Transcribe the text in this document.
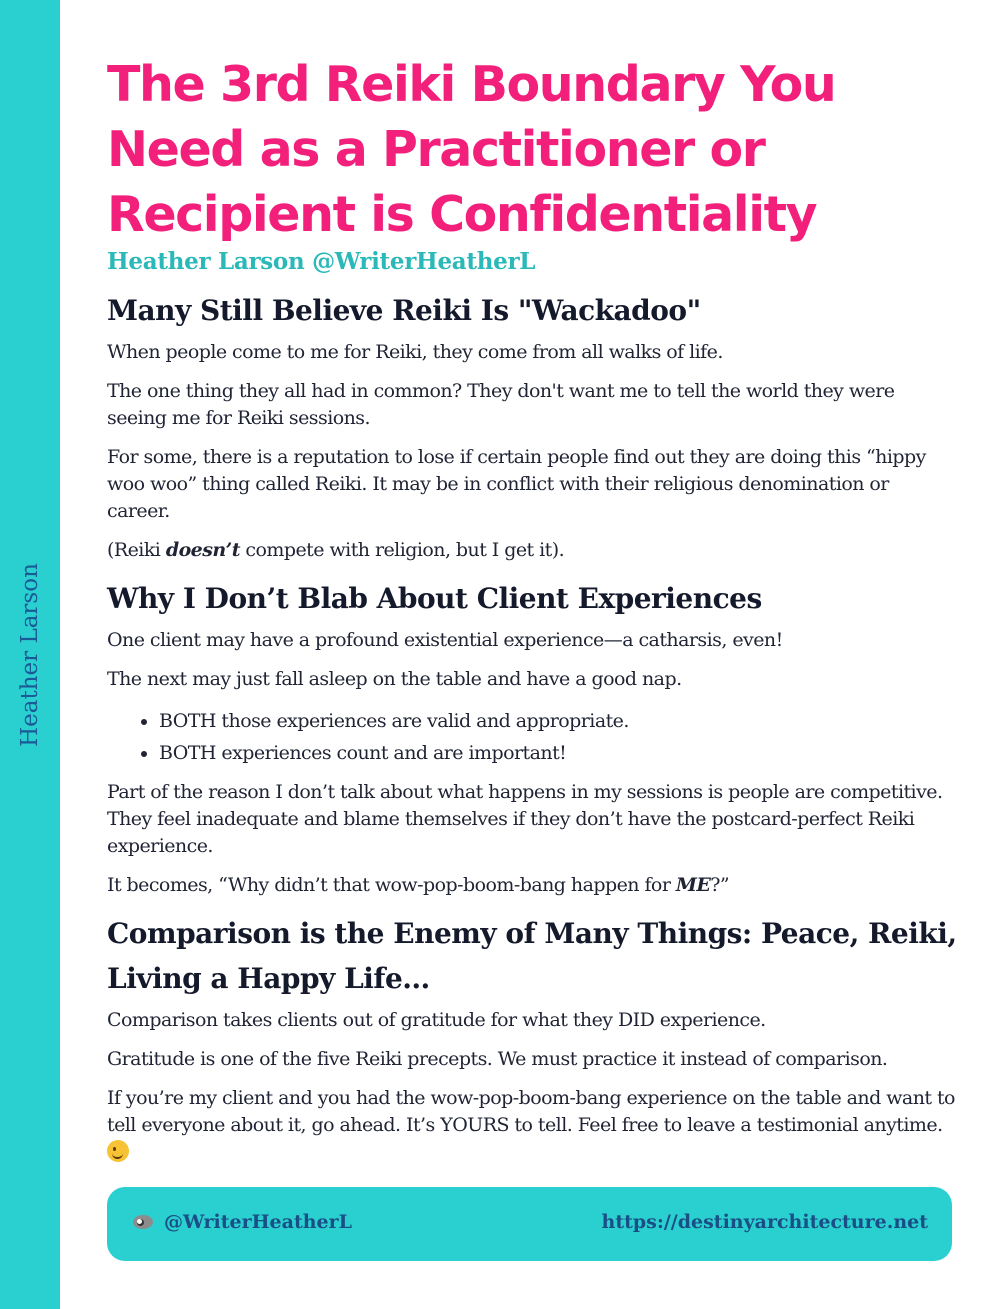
Heather Larson
The 3rd Reiki Boundary You
Need as a Practitioner or
Recipient is Confidentiality
Heather Larson @WriterHeatherL
Many Still Believe Reiki Is "Wackadoo"

When people come to me for Reiki, they come from all walks of life.

The one thing they all had in common? They don't want me to tell the world they were seeing me for Reiki sessions.

For some, there is a reputation to lose if certain people find out they are doing this “hippy woo woo” thing called Reiki. It may be in conflict with their religious denomination or career.

(Reiki doesn’t compete with religion, but I get it).

Why I Don’t Blab About Client Experiences

One client may have a profound existential experience—a catharsis, even!

The next may just fall asleep on the table and have a good nap.

• BOTH those experiences are valid and appropriate.
• BOTH experiences count and are important!

Part of the reason I don’t talk about what happens in my sessions is people are competitive. They feel inadequate and blame themselves if they don’t have the postcard-perfect Reiki experience.

It becomes, “Why didn’t that wow-pop-boom-bang happen for ME?”

Comparison is the Enemy of Many Things: Peace, Reiki, Living a Happy Life…

Comparison takes clients out of gratitude for what they DID experience.

Gratitude is one of the five Reiki precepts. We must practice it instead of comparison.

If you’re my client and you had the wow-pop-boom-bang experience on the table and want to tell everyone about it, go ahead. It’s YOURS to tell. Feel free to leave a testimonial anytime.

@WriterHeatherL	https://destinyarchitecture.net
